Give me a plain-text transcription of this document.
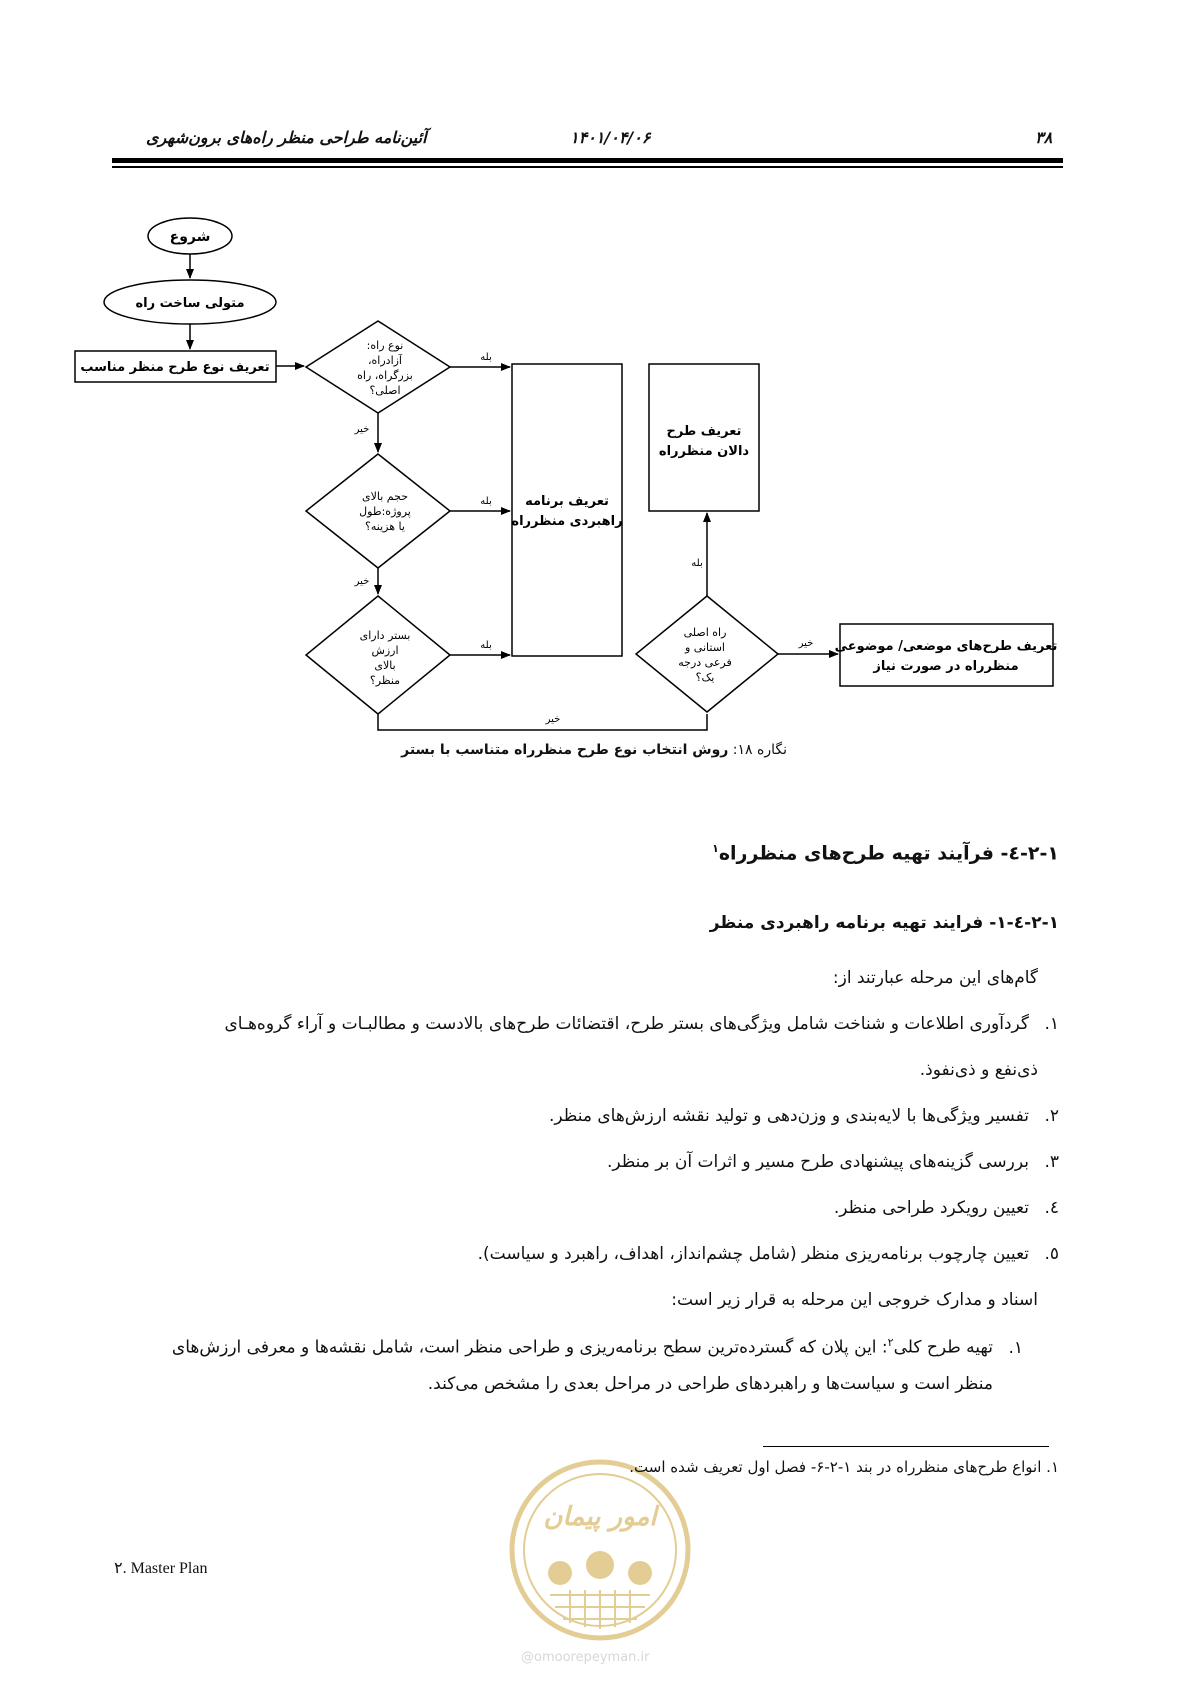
۳۸
۱۴۰۱/۰۴/۰۶
آئین‌نامه طراحی منظر راه‌های برون‌شهری
شروع
متولی ساخت راه
تعریف نوع طرح منظر مناسب
نوع راه:
آزادراه،
بزرگراه، راه
اصلی؟
حجم بالای
پروژه:طول
یا هزینه؟
بستر دارای
ارزش
بالای
منظر؟
راه اصلی
استانی و
فرعی درجه
یک؟
تعریف برنامه
راهبردی منظرراه
تعریف طرح
دالان منظرراه
تعریف طرح‌های موضعی/ موضوعی
منظرراه در صورت نیاز
بله
بله
بله
بله
خیر
خیر
خیر
خیر
نگاره ۱۸: روش انتخاب نوع طرح منظرراه متناسب با بستر
۲-۱-٤- فرآیند تهیه طرح‌های منظرراه$^۱$
۲-۱-٤-۱- فرایند تهیه برنامه راهبردی منظر
گام‌های این مرحله عبارتند از:
۱.گردآوری اطلاعات و شناخت شامل ویژگی‌های بستر طرح، اقتضائات طرح‌های بالادست و مطالبـات و آراء گروه‌هـای
ذی‌نفع و ذی‌نفوذ.
۲.تفسیر ویژگی‌ها با لایه‌بندی و وزن‌دهی و تولید نقشه ارزش‌های منظر.
۳.بررسی گزینه‌های پیشنهادی طرح مسیر و اثرات آن بر منظر.
٤.تعیین رویکرد طراحی منظر.
٥.تعیین چارچوب برنامه‌ریزی منظر (شامل چشم‌انداز، اهداف، راهبرد و سیاست).
اسناد و مدارک خروجی این مرحله به قرار زیر است:
۱.تهیه طرح کلی$^۲$: این پلان که گسترده‌ترین سطح برنامه‌ریزی و طراحی منظر است، شامل نقشه‌ها و معرفی ارزش‌های
منظر است و سیاست‌ها و راهبردهای طراحی در مراحل بعدی را مشخص می‌کند.
امور پیمان
@omoorepeyman.ir
۱. انواع طرح‌های منظرراه در بند ۱-۲-۶- فصل اول تعریف شده است.
۲. Master Plan
